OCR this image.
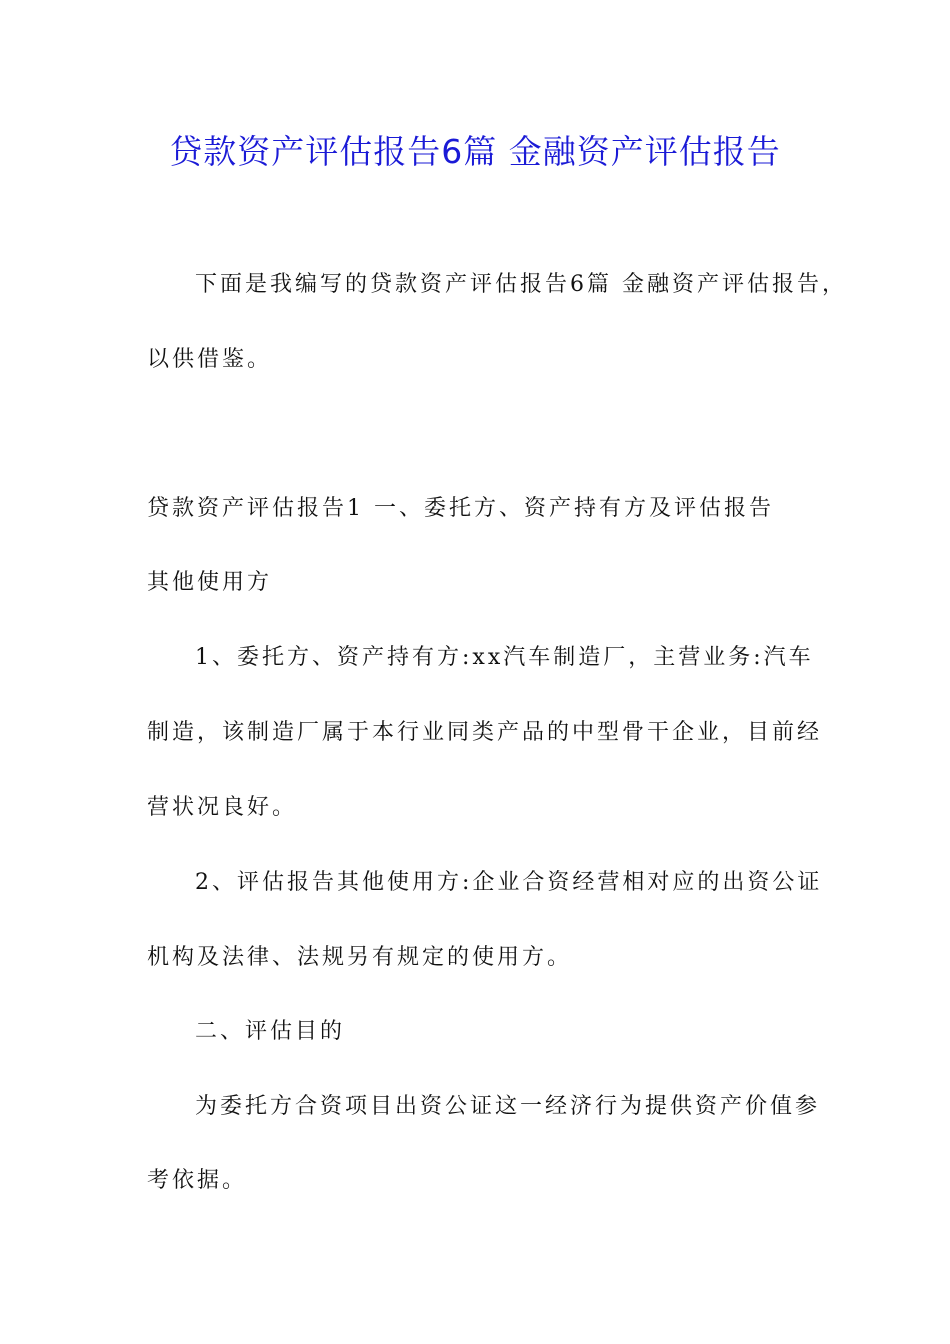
贷款资产评估报告6篇 金融资产评估报告
下面是我编写的贷款资产评估报告6篇 金融资产评估报告，
以供借鉴。
贷款资产评估报告1 一、委托方、资产持有方及评估报告
其他使用方
1、委托方、资产持有方:xx汽车制造厂，主营业务:汽车
制造，该制造厂属于本行业同类产品的中型骨干企业，目前经
营状况良好。
2、评估报告其他使用方:企业合资经营相对应的出资公证
机构及法律、法规另有规定的使用方。
二、评估目的
为委托方合资项目出资公证这一经济行为提供资产价值参
考依据。
